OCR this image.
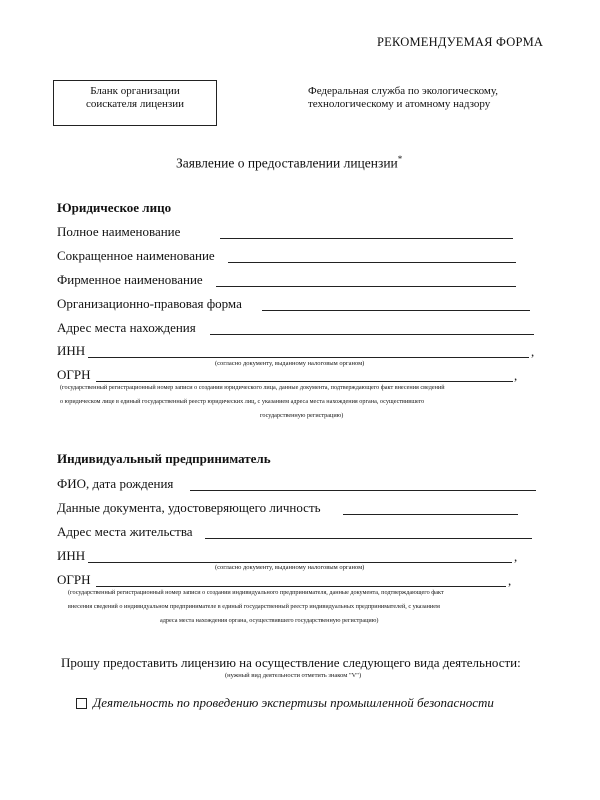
РЕКОМЕНДУЕМАЯ ФОРМА
Бланк организации
соискателя лицензии
Федеральная служба по экологическому,
технологическому и атомному надзору
Заявление о предоставлении лицензии*
Юридическое лицо
Полное наименование
Сокращенное наименование
Фирменное наименование
Организационно-правовая форма
Адрес места нахождения
ИНН	,
(согласно документу, выданному налоговым органом)
ОГРН	,
(государственный регистрационный номер записи о создании юридического лица, данные документа, подтверждающего факт внесения сведений
о юридическом лице в единый государственный реестр юридических лиц, с указанием адреса места нахождения органа, осуществившего
государственную регистрацию)
Индивидуальный предприниматель
ФИО, дата рождения
Данные документа, удостоверяющего личность
Адрес места жительства
ИНН	,
(согласно документу, выданному налоговым органом)
ОГРН	,
(государственный регистрационный номер записи о создании индивидуального предпринимателя, данные документа, подтверждающего факт
внесения сведений о индивидуальном предпринимателе в единый государственный реестр индивидуальных предпринимателей, с указанием
адреса места нахождения органа, осуществившего государственную регистрацию)
Прошу предоставить лицензию на осуществление следующего вида деятельности:
(нужный вид деятельности отметить знаком "V")
Деятельность по проведению экспертизы промышленной безопасности
